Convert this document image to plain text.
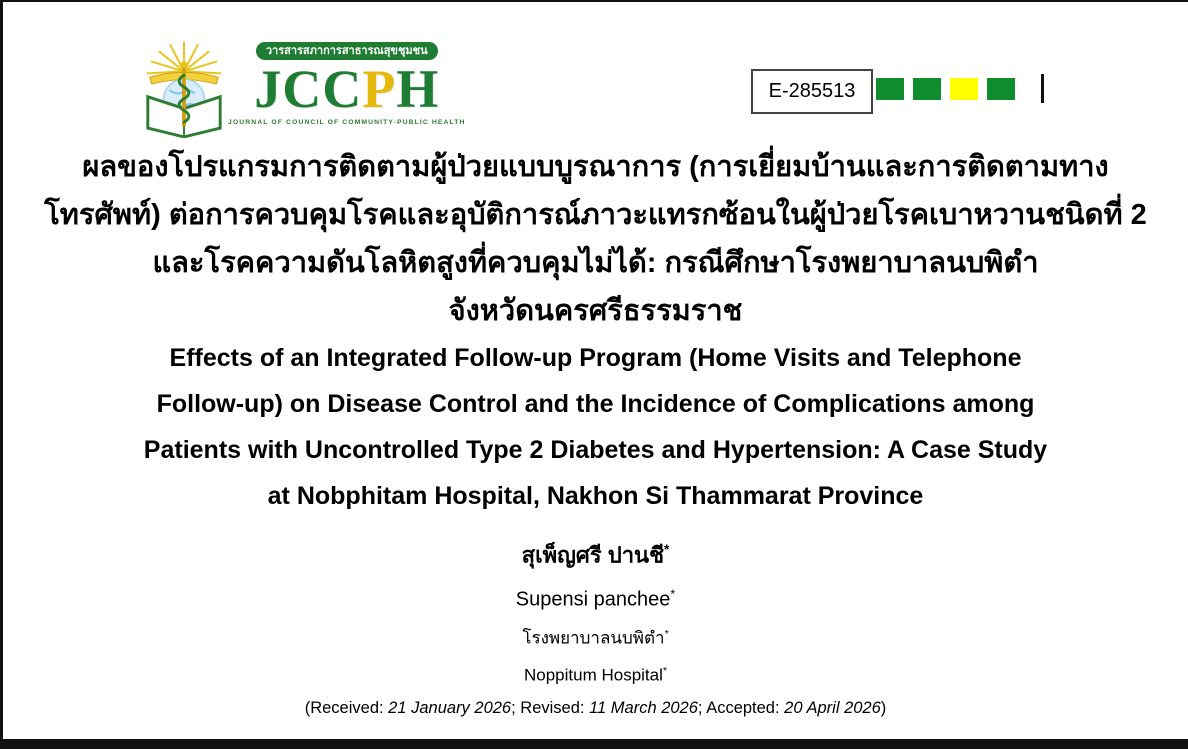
วารสารสภาการสาธารณสุขชุมชน
JCCPH
JOURNAL OF COUNCIL OF COMMUNITY-PUBLIC HEALTH
E-285513
ผลของโปรแกรมการติดตามผู้ป่วยแบบบูรณาการ (การเยี่ยมบ้านและการติดตามทาง
โทรศัพท์) ต่อการควบคุมโรคและอุบัติการณ์ภาวะแทรกซ้อนในผู้ป่วยโรคเบาหวานชนิดที่ 2
และโรคความดันโลหิตสูงที่ควบคุมไม่ได้: กรณีศึกษาโรงพยาบาลนบพิตำ
จังหวัดนครศรีธรรมราช
Effects of an Integrated Follow-up Program (Home Visits and Telephone
Follow-up) on Disease Control and the Incidence of Complications among
Patients with Uncontrolled Type 2 Diabetes and Hypertension: A Case Study
at Nobphitam Hospital, Nakhon Si Thammarat Province
สุเพ็ญศรี ปานชี*
Supensi panchee*
โรงพยาบาลนบพิตำ*
Noppitum Hospital*
(Received: 21 January 2026; Revised: 11 March 2026; Accepted: 20 April 2026)
